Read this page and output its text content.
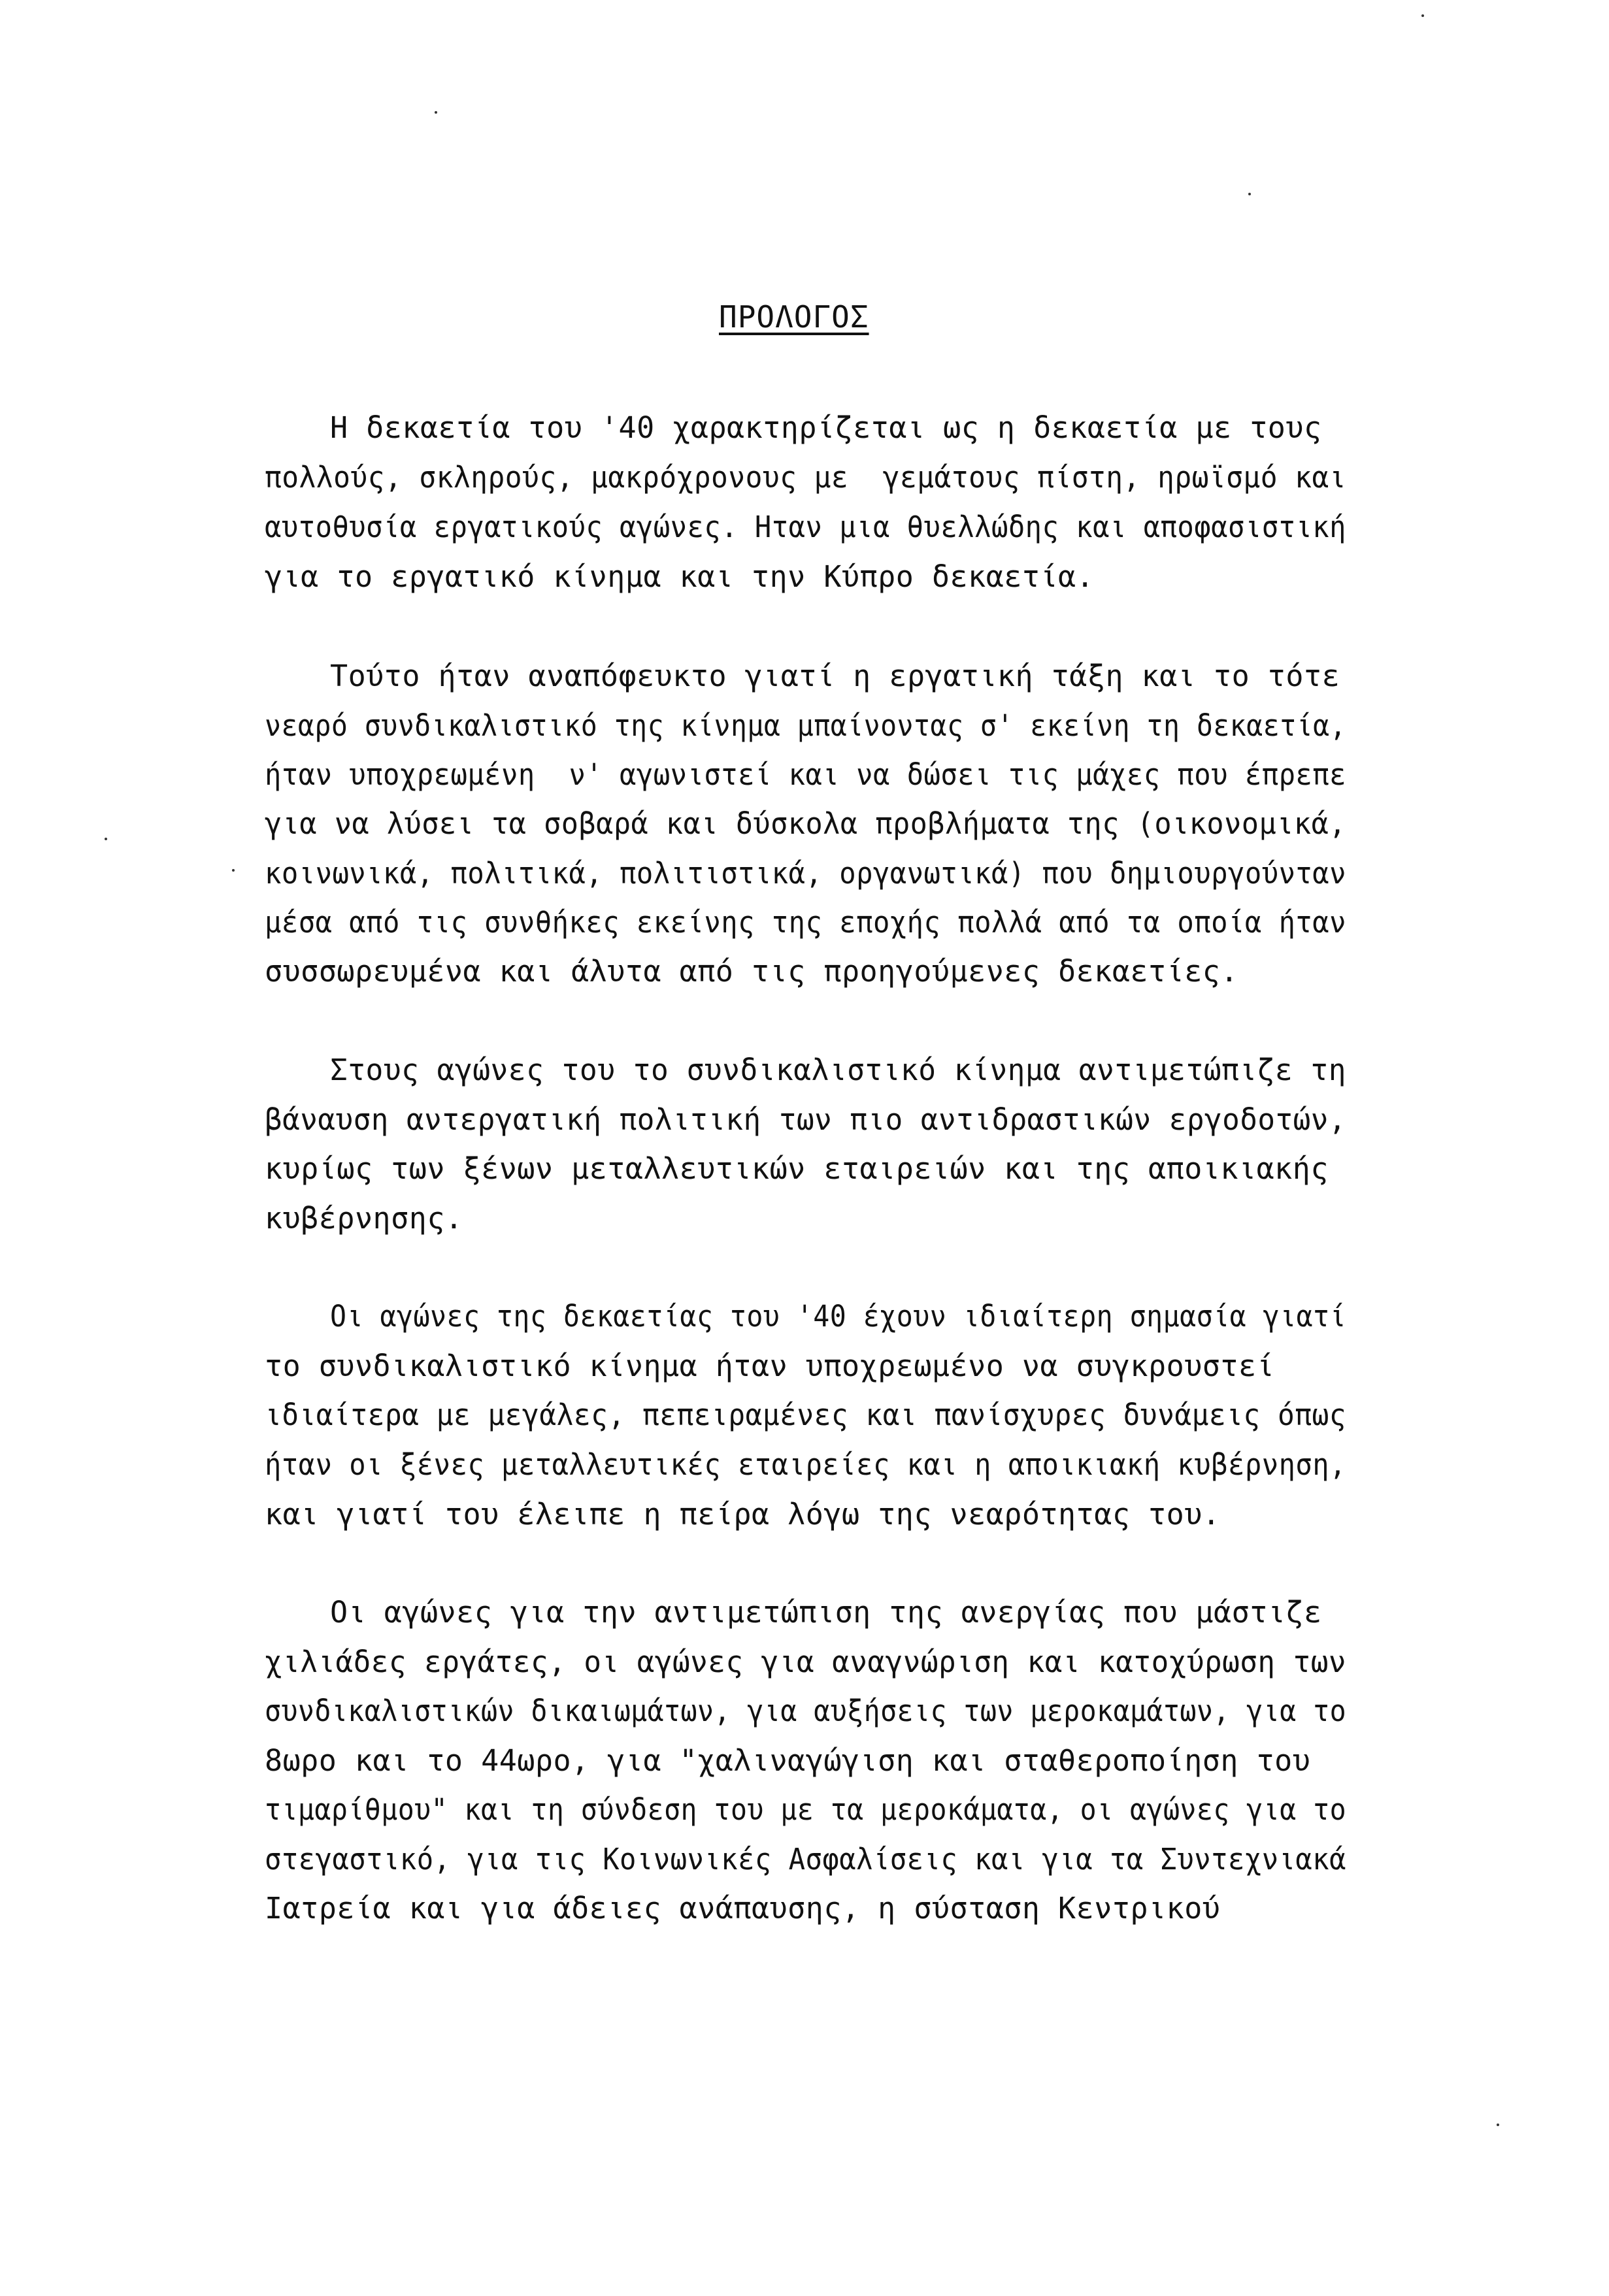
ΠΡΟΛΟΓΟΣ
Η δεκαετία του '40 χαρακτηρίζεται ως η δεκαετία με τους
πολλούς, σκληρούς, μακρόχρονους με  γεμάτους πίστη, ηρωϊσμό και
αυτοθυσία εργατικούς αγώνες. Ηταν μια θυελλώδης και αποφασιστική
για το εργατικό κίνημα και την Κύπρο δεκαετία.
Τούτο ήταν αναπόφευκτο γιατί η εργατική τάξη και το τότε
νεαρό συνδικαλιστικό της κίνημα μπαίνοντας σ' εκείνη τη δεκαετία,
ήταν υποχρεωμένη  ν' αγωνιστεί και να δώσει τις μάχες που έπρεπε
για να λύσει τα σοβαρά και δύσκολα προβλήματα της (οικονομικά,
κοινωνικά, πολιτικά, πολιτιστικά, οργανωτικά) που δημιουργούνταν
μέσα από τις συνθήκες εκείνης της εποχής πολλά από τα οποία ήταν
συσσωρευμένα και άλυτα από τις προηγούμενες δεκαετίες.
Στους αγώνες του το συνδικαλιστικό κίνημα αντιμετώπιζε τη
βάναυση αντεργατική πολιτική των πιο αντιδραστικών εργοδοτών,
κυρίως των ξένων μεταλλευτικών εταιρειών και της αποικιακής
κυβέρνησης.
Οι αγώνες της δεκαετίας του '40 έχουν ιδιαίτερη σημασία γιατί
το συνδικαλιστικό κίνημα ήταν υποχρεωμένο να συγκρουστεί
ιδιαίτερα με μεγάλες, πεπειραμένες και πανίσχυρες δυνάμεις όπως
ήταν οι ξένες μεταλλευτικές εταιρείες και η αποικιακή κυβέρνηση,
και γιατί του έλειπε η πείρα λόγω της νεαρότητας του.
Οι αγώνες για την αντιμετώπιση της ανεργίας που μάστιζε
χιλιάδες εργάτες, οι αγώνες για αναγνώριση και κατοχύρωση των
συνδικαλιστικών δικαιωμάτων, για αυξήσεις των μεροκαμάτων, για το
8ωρο και το 44ωρο, για "χαλιναγώγιση και σταθεροποίηση του
τιμαρίθμου" και τη σύνδεση του με τα μεροκάματα, οι αγώνες για το
στεγαστικό, για τις Κοινωνικές Ασφαλίσεις και για τα Συντεχνιακά
Ιατρεία και για άδειες ανάπαυσης, η σύσταση Κεντρικού
